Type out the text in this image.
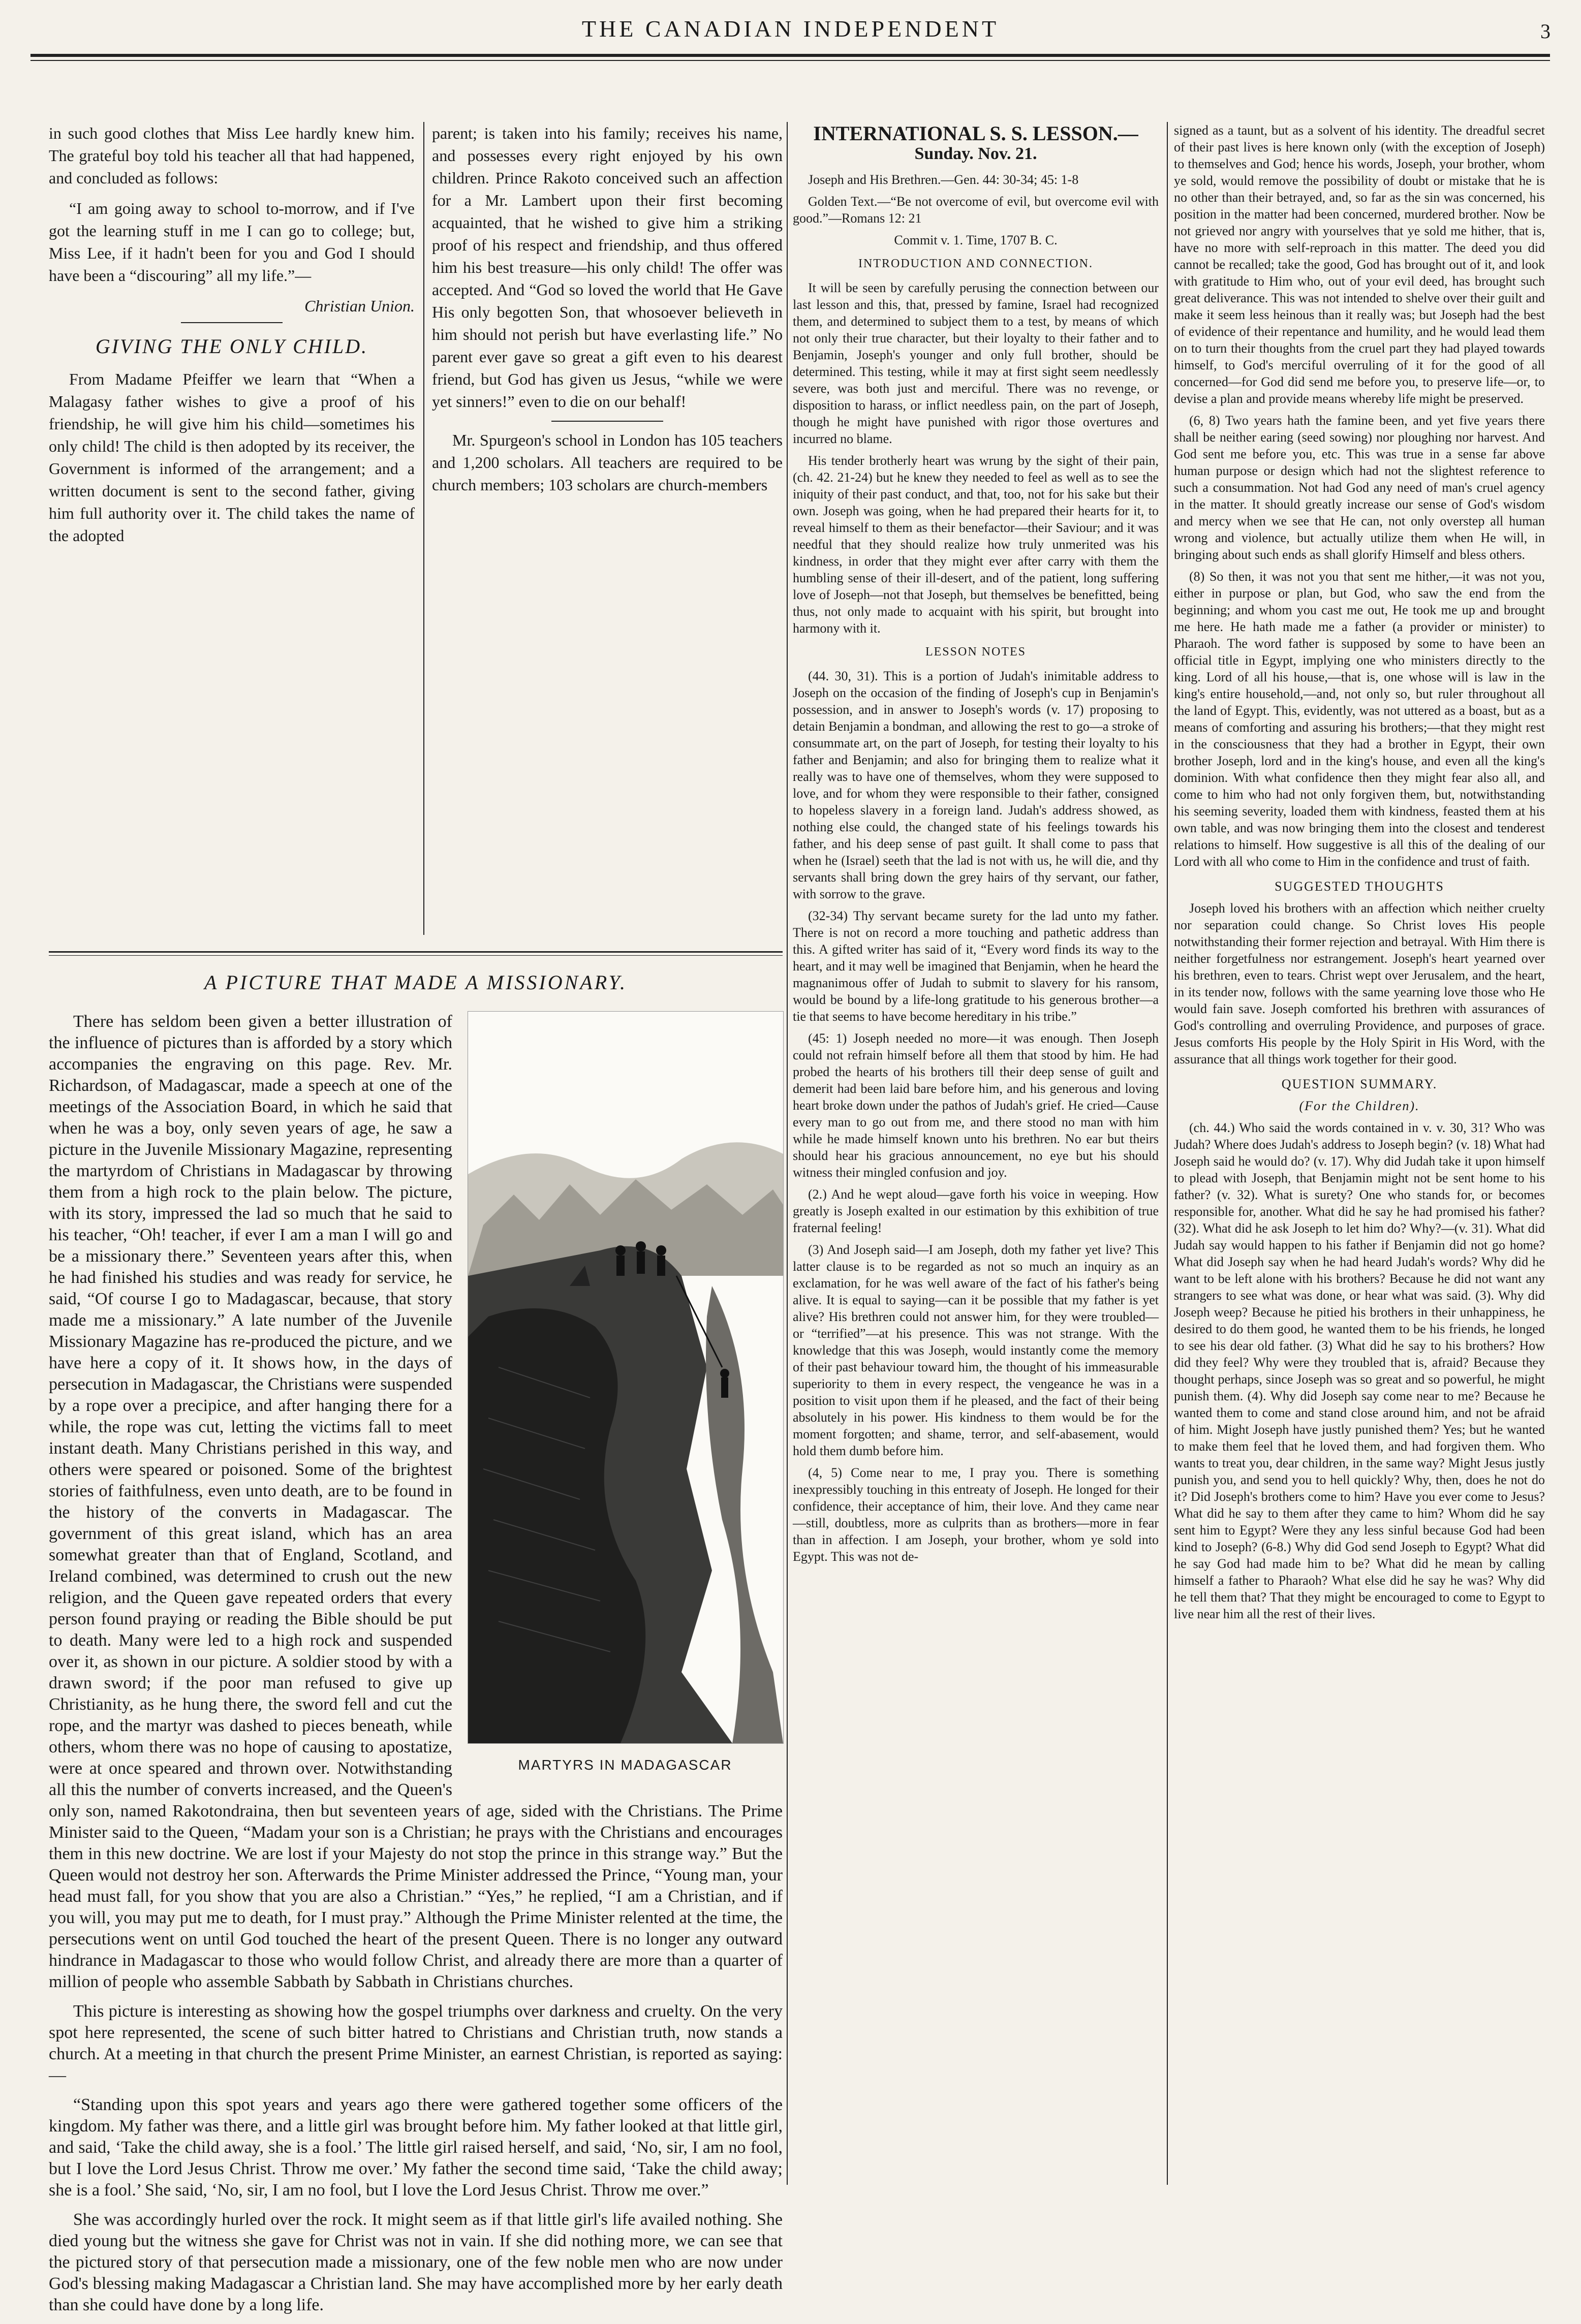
THE CANADIAN INDEPENDENT	3

in such good clothes that Miss Lee hardly knew him. The grateful boy told his teacher all that had happened, and concluded as follows:

“I am going away to school to-morrow, and if I've got the learning stuff in me I can go to college; but, Miss Lee, if it hadn't been for you and God I should have been a “discouring” all my life.”—

Christian Union.
GIVING THE ONLY CHILD.

From Madame Pfeiffer we learn that “When a Malagasy father wishes to give a proof of his friendship, he will give him his child—sometimes his only child! The child is then adopted by its receiver, the Government is informed of the arrangement; and a written document is sent to the second father, giving him full authority over it. The child takes the name of the adopted

parent; is taken into his family; receives his name, and possesses every right enjoyed by his own children. Prince Rakoto conceived such an affection for a Mr. Lambert upon their first becoming acquainted, that he wished to give him a striking proof of his respect and friendship, and thus offered him his best treasure—his only child! The offer was accepted. And “God so loved the world that He Gave His only begotten Son, that whosoever believeth in him should not perish but have everlasting life.” No parent ever gave so great a gift even to his dearest friend, but God has given us Jesus, “while we were yet sinners!” even to die on our behalf!

Mr. Spurgeon's school in London has 105 teachers and 1,200 scholars. All teachers are required to be church members; 103 scholars are church-members

A PICTURE THAT MADE A MISSIONARY.
MARTYRS IN MADAGASCAR

There has seldom been given a better illustration of the influence of pictures than is afforded by a story which accompanies the engraving on this page. Rev. Mr. Richardson, of Madagascar, made a speech at one of the meetings of the Association Board, in which he said that when he was a boy, only seven years of age, he saw a picture in the Juvenile Missionary Magazine, representing the martyrdom of Christians in Madagascar by throwing them from a high rock to the plain below. The picture, with its story, impressed the lad so much that he said to his teacher, “Oh! teacher, if ever I am a man I will go and be a missionary there.” Seventeen years after this, when he had finished his studies and was ready for service, he said, “Of course I go to Madagascar, because, that story made me a missionary.” A late number of the Juvenile Missionary Magazine has re-produced the picture, and we have here a copy of it. It shows how, in the days of persecution in Madagascar, the Christians were suspended by a rope over a precipice, and after hanging there for a while, the rope was cut, letting the victims fall to meet instant death. Many Christians perished in this way, and others were speared or poisoned. Some of the brightest stories of faithfulness, even unto death, are to be found in the history of the converts in Madagascar. The government of this great island, which has an area somewhat greater than that of England, Scotland, and Ireland combined, was determined to crush out the new religion, and the Queen gave repeated orders that every person found praying or reading the Bible should be put to death. Many were led to a high rock and suspended over it, as shown in our picture. A soldier stood by with a drawn sword; if the poor man refused to give up Christianity, as he hung there, the sword fell and cut the rope, and the martyr was dashed to pieces beneath, while others, whom there was no hope of causing to apostatize, were at once speared and thrown over. Notwithstanding all this the number of converts increased, and the Queen's only son, named Rakotondraina, then but seventeen years of age, sided with the Christians. The Prime Minister said to the Queen, “Madam your son is a Christian; he prays with the Christians and encourages them in this new doctrine. We are lost if your Majesty do not stop the prince in this strange way.” But the Queen would not destroy her son. Afterwards the Prime Minister addressed the Prince, “Young man, your head must fall, for you show that you are also a Christian.” “Yes,” he replied, “I am a Christian, and if you will, you may put me to death, for I must pray.” Although the Prime Minister relented at the time, the persecutions went on until God touched the heart of the present Queen. There is no longer any outward hindrance in Madagascar to those who would follow Christ, and already there are more than a quarter of million of people who assemble Sabbath by Sabbath in Christians churches.

This picture is interesting as showing how the gospel triumphs over darkness and cruelty. On the very spot here represented, the scene of such bitter hatred to Christians and Christian truth, now stands a church. At a meeting in that church the present Prime Minister, an earnest Christian, is reported as saying:—

“Standing upon this spot years and years ago there were gathered together some officers of the kingdom. My father was there, and a little girl was brought before him. My father looked at that little girl, and said, ‘Take the child away, she is a fool.’ The little girl raised herself, and said, ‘No, sir, I am no fool, but I love the Lord Jesus Christ. Throw me over.’ My father the second time said, ‘Take the child away; she is a fool.’ She said, ‘No, sir, I am no fool, but I love the Lord Jesus Christ. Throw me over.”

She was accordingly hurled over the rock. It might seem as if that little girl's life availed nothing. She died young but the witness she gave for Christ was not in vain. If she did nothing more, we can see that the pictured story of that persecution made a missionary, one of the few noble men who are now under God's blessing making Madagascar a Christian land. She may have accomplished more by her early death than she could have done by a long life.

INTERNATIONAL S. S. LESSON.—
Sunday. Nov. 21.

Joseph and His Brethren.—Gen. 44: 30-34; 45: 1-8

Golden Text.—“Be not overcome of evil, but overcome evil with good.”—Romans 12: 21

Commit v. 1. Time, 1707 B. C.

INTRODUCTION AND CONNECTION.

It will be seen by carefully perusing the connection between our last lesson and this, that, pressed by famine, Israel had recognized them, and determined to subject them to a test, by means of which not only their true character, but their loyalty to their father and to Benjamin, Joseph's younger and only full brother, should be determined. This testing, while it may at first sight seem needlessly severe, was both just and merciful. There was no revenge, or disposition to harass, or inflict needless pain, on the part of Joseph, though he might have punished with rigor those overtures and incurred no blame.

His tender brotherly heart was wrung by the sight of their pain, (ch. 42. 21-24) but he knew they needed to feel as well as to see the iniquity of their past conduct, and that, too, not for his sake but their own. Joseph was going, when he had prepared their hearts for it, to reveal himself to them as their benefactor—their Saviour; and it was needful that they should realize how truly unmerited was his kindness, in order that they might ever after carry with them the humbling sense of their ill-desert, and of the patient, long suffering love of Joseph—not that Joseph, but themselves be benefitted, being thus, not only made to acquaint with his spirit, but brought into harmony with it.

LESSON NOTES

(44. 30, 31). This is a portion of Judah's inimitable address to Joseph on the occasion of the finding of Joseph's cup in Benjamin's possession, and in answer to Joseph's words (v. 17) proposing to detain Benjamin a bondman, and allowing the rest to go—a stroke of consummate art, on the part of Joseph, for testing their loyalty to his father and Benjamin; and also for bringing them to realize what it really was to have one of themselves, whom they were supposed to love, and for whom they were responsible to their father, consigned to hopeless slavery in a foreign land. Judah's address showed, as nothing else could, the changed state of his feelings towards his father, and his deep sense of past guilt. It shall come to pass that when he (Israel) seeth that the lad is not with us, he will die, and thy servants shall bring down the grey hairs of thy servant, our father, with sorrow to the grave.

(32-34) Thy servant became surety for the lad unto my father. There is not on record a more touching and pathetic address than this. A gifted writer has said of it, “Every word finds its way to the heart, and it may well be imagined that Benjamin, when he heard the magnanimous offer of Judah to submit to slavery for his ransom, would be bound by a life-long gratitude to his generous brother—a tie that seems to have become hereditary in his tribe.”

(45: 1) Joseph needed no more—it was enough. Then Joseph could not refrain himself before all them that stood by him. He had probed the hearts of his brothers till their deep sense of guilt and demerit had been laid bare before him, and his generous and loving heart broke down under the pathos of Judah's grief. He cried—Cause every man to go out from me, and there stood no man with him while he made himself known unto his brethren. No ear but theirs should hear his gracious announcement, no eye but his should witness their mingled confusion and joy.

(2.) And he wept aloud—gave forth his voice in weeping. How greatly is Joseph exalted in our estimation by this exhibition of true fraternal feeling!

(3) And Joseph said—I am Joseph, doth my father yet live? This latter clause is to be regarded as not so much an inquiry as an exclamation, for he was well aware of the fact of his father's being alive. It is equal to saying—can it be possible that my father is yet alive? His brethren could not answer him, for they were troubled—or “terrified”—at his presence. This was not strange. With the knowledge that this was Joseph, would instantly come the memory of their past behaviour toward him, the thought of his immeasurable superiority to them in every respect, the vengeance he was in a position to visit upon them if he pleased, and the fact of their being absolutely in his power. His kindness to them would be for the moment forgotten; and shame, terror, and self-abasement, would hold them dumb before him.

(4, 5) Come near to me, I pray you. There is something inexpressibly touching in this entreaty of Joseph. He longed for their confidence, their acceptance of him, their love. And they came near—still, doubtless, more as culprits than as brothers—more in fear than in affection. I am Joseph, your brother, whom ye sold into Egypt. This was not de-

signed as a taunt, but as a solvent of his identity. The dreadful secret of their past lives is here known only (with the exception of Joseph) to themselves and God; hence his words, Joseph, your brother, whom ye sold, would remove the possibility of doubt or mistake that he is no other than their betrayed, and, so far as the sin was concerned, his position in the matter had been concerned, murdered brother. Now be not grieved nor angry with yourselves that ye sold me hither, that is, have no more with self-reproach in this matter. The deed you did cannot be recalled; take the good, God has brought out of it, and look with gratitude to Him who, out of your evil deed, has brought such great deliverance. This was not intended to shelve over their guilt and make it seem less heinous than it really was; but Joseph had the best of evidence of their repentance and humility, and he would lead them on to turn their thoughts from the cruel part they had played towards himself, to God's merciful overruling of it for the good of all concerned—for God did send me before you, to preserve life—or, to devise a plan and provide means whereby life might be preserved.

(6, 8) Two years hath the famine been, and yet five years there shall be neither earing (seed sowing) nor ploughing nor harvest. And God sent me before you, etc. This was true in a sense far above human purpose or design which had not the slightest reference to such a consummation. Not had God any need of man's cruel agency in the matter. It should greatly increase our sense of God's wisdom and mercy when we see that He can, not only overstep all human wrong and violence, but actually utilize them when He will, in bringing about such ends as shall glorify Himself and bless others.

(8) So then, it was not you that sent me hither,—it was not you, either in purpose or plan, but God, who saw the end from the beginning; and whom you cast me out, He took me up and brought me here. He hath made me a father (a provider or minister) to Pharaoh. The word father is supposed by some to have been an official title in Egypt, implying one who ministers directly to the king. Lord of all his house,—that is, one whose will is law in the king's entire household,—and, not only so, but ruler throughout all the land of Egypt. This, evidently, was not uttered as a boast, but as a means of comforting and assuring his brothers;—that they might rest in the consciousness that they had a brother in Egypt, their own brother Joseph, lord and in the king's house, and even all the king's dominion. With what confidence then they might fear also all, and come to him who had not only forgiven them, but, notwithstanding his seeming severity, loaded them with kindness, feasted them at his own table, and was now bringing them into the closest and tenderest relations to himself. How suggestive is all this of the dealing of our Lord with all who come to Him in the confidence and trust of faith.

SUGGESTED THOUGHTS

Joseph loved his brothers with an affection which neither cruelty nor separation could change. So Christ loves His people notwithstanding their former rejection and betrayal. With Him there is neither forgetfulness nor estrangement. Joseph's heart yearned over his brethren, even to tears. Christ wept over Jerusalem, and the heart, in its tender now, follows with the same yearning love those who He would fain save. Joseph comforted his brethren with assurances of God's controlling and overruling Providence, and purposes of grace. Jesus comforts His people by the Holy Spirit in His Word, with the assurance that all things work together for their good.

QUESTION SUMMARY.
(For the Children).

(ch. 44.) Who said the words contained in v. v. 30, 31? Who was Judah? Where does Judah's address to Joseph begin? (v. 18) What had Joseph said he would do? (v. 17). Why did Judah take it upon himself to plead with Joseph, that Benjamin might not be sent home to his father? (v. 32). What is surety? One who stands for, or becomes responsible for, another. What did he say he had promised his father? (32). What did he ask Joseph to let him do? Why?—(v. 31). What did Judah say would happen to his father if Benjamin did not go home? What did Joseph say when he had heard Judah's words? Why did he want to be left alone with his brothers? Because he did not want any strangers to see what was done, or hear what was said. (3). Why did Joseph weep? Because he pitied his brothers in their unhappiness, he desired to do them good, he wanted them to be his friends, he longed to see his dear old father. (3) What did he say to his brothers? How did they feel? Why were they troubled that is, afraid? Because they thought perhaps, since Joseph was so great and so powerful, he might punish them. (4). Why did Joseph say come near to me? Because he wanted them to come and stand close around him, and not be afraid of him. Might Joseph have justly punished them? Yes; but he wanted to make them feel that he loved them, and had forgiven them. Who wants to treat you, dear children, in the same way? Might Jesus justly punish you, and send you to hell quickly? Why, then, does he not do it? Did Joseph's brothers come to him? Have you ever come to Jesus? What did he say to them after they came to him? Whom did he say sent him to Egypt? Were they any less sinful because God had been kind to Joseph? (6-8.) Why did God send Joseph to Egypt? What did he say God had made him to be? What did he mean by calling himself a father to Pharaoh? What else did he say he was? Why did he tell them that? That they might be encouraged to come to Egypt to live near him all the rest of their lives.
